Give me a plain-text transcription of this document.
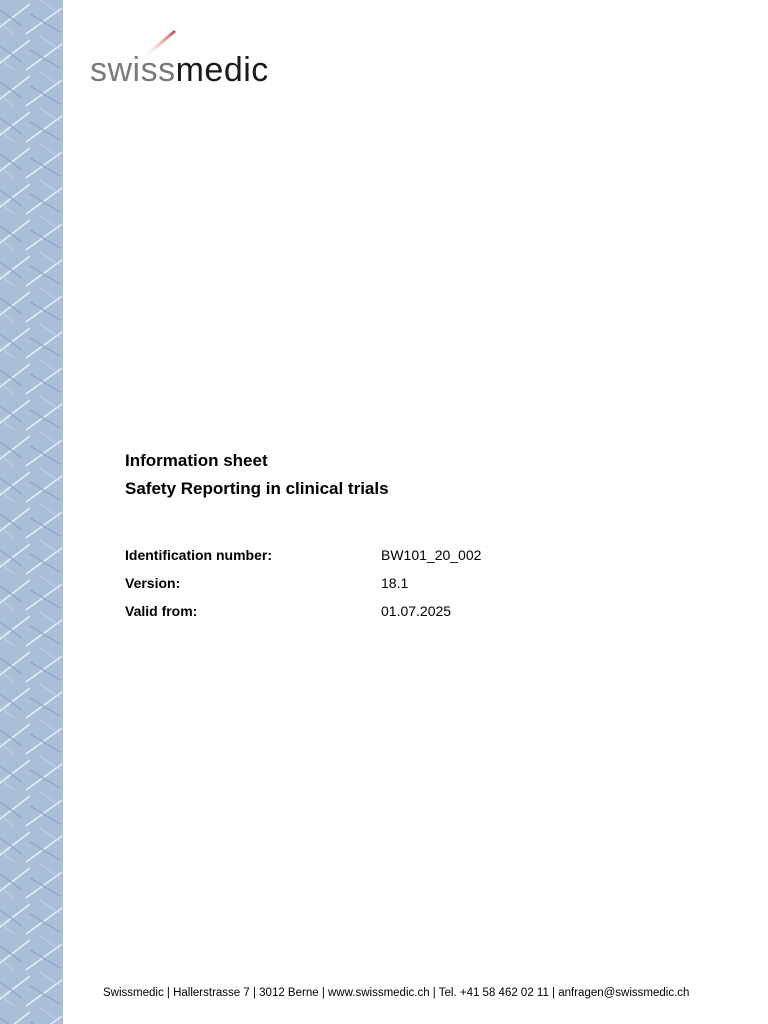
swissmedic

Information sheet

Safety Reporting in clinical trials

Identification number:	BW101_20_002
Version:	18.1
Valid from:	01.07.2025
Swissmedic | Hallerstrasse 7 | 3012 Berne | www.swissmedic.ch | Tel. +41 58 462 02 11 | anfragen@swissmedic.ch
